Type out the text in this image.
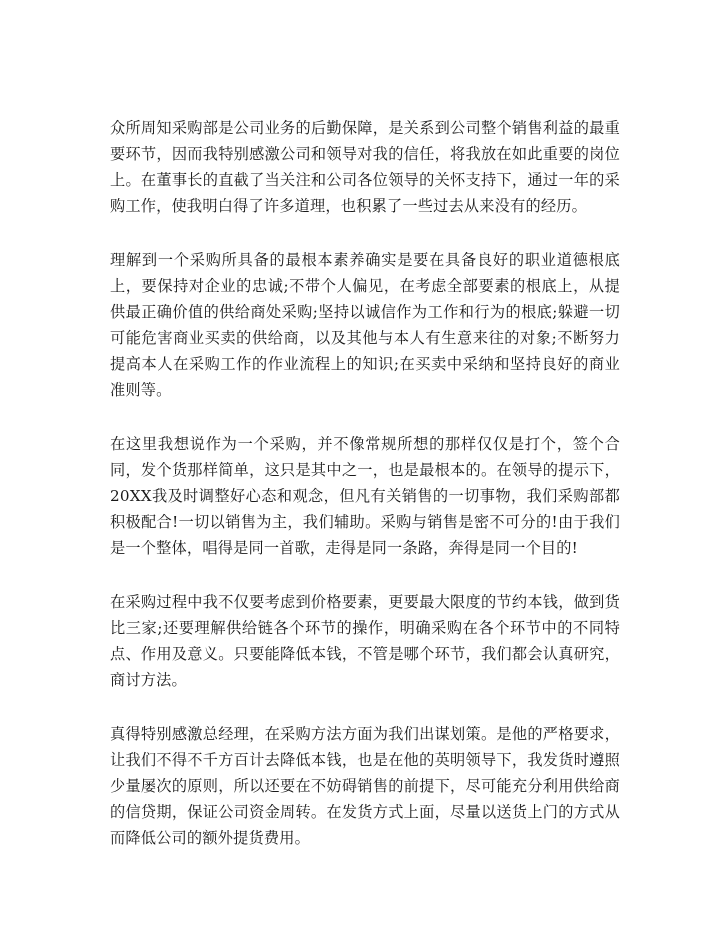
众所周知采购部是公司业务的后勤保障，是关系到公司整个销售利益的最重要环节，因而我特别感激公司和领导对我的信任，将我放在如此重要的岗位上。在董事长的直截了当关注和公司各位领导的关怀支持下，通过一年的采购工作，使我明白得了许多道理，也积累了一些过去从来没有的经历。

理解到一个采购所具备的最根本素养确实是要在具备良好的职业道德根底上，要保持对企业的忠诚;不带个人偏见，在考虑全部要素的根底上，从提供最正确价值的供给商处采购;坚持以诚信作为工作和行为的根底;躲避一切可能危害商业买卖的供给商，以及其他与本人有生意来往的对象;不断努力提高本人在采购工作的作业流程上的知识;在买卖中采纳和坚持良好的商业准则等。

在这里我想说作为一个采购，并不像常规所想的那样仅仅是打个，签个合同，发个货那样简单，这只是其中之一，也是最根本的。在领导的提示下，20XX我及时调整好心态和观念，但凡有关销售的一切事物，我们采购部都积极配合!一切以销售为主，我们辅助。采购与销售是密不可分的!由于我们是一个整体，唱得是同一首歌，走得是同一条路，奔得是同一个目的!

在采购过程中我不仅要考虑到价格要素，更要最大限度的节约本钱，做到货比三家;还要理解供给链各个环节的操作，明确采购在各个环节中的不同特点、作用及意义。只要能降低本钱，不管是哪个环节，我们都会认真研究，商讨方法。

真得特别感激总经理，在采购方法方面为我们出谋划策。是他的严格要求，让我们不得不千方百计去降低本钱，也是在他的英明领导下，我发货时遵照少量屡次的原则，所以还要在不妨碍销售的前提下，尽可能充分利用供给商的信贷期，保证公司资金周转。在发货方式上面，尽量以送货上门的方式从而降低公司的额外提货费用。
